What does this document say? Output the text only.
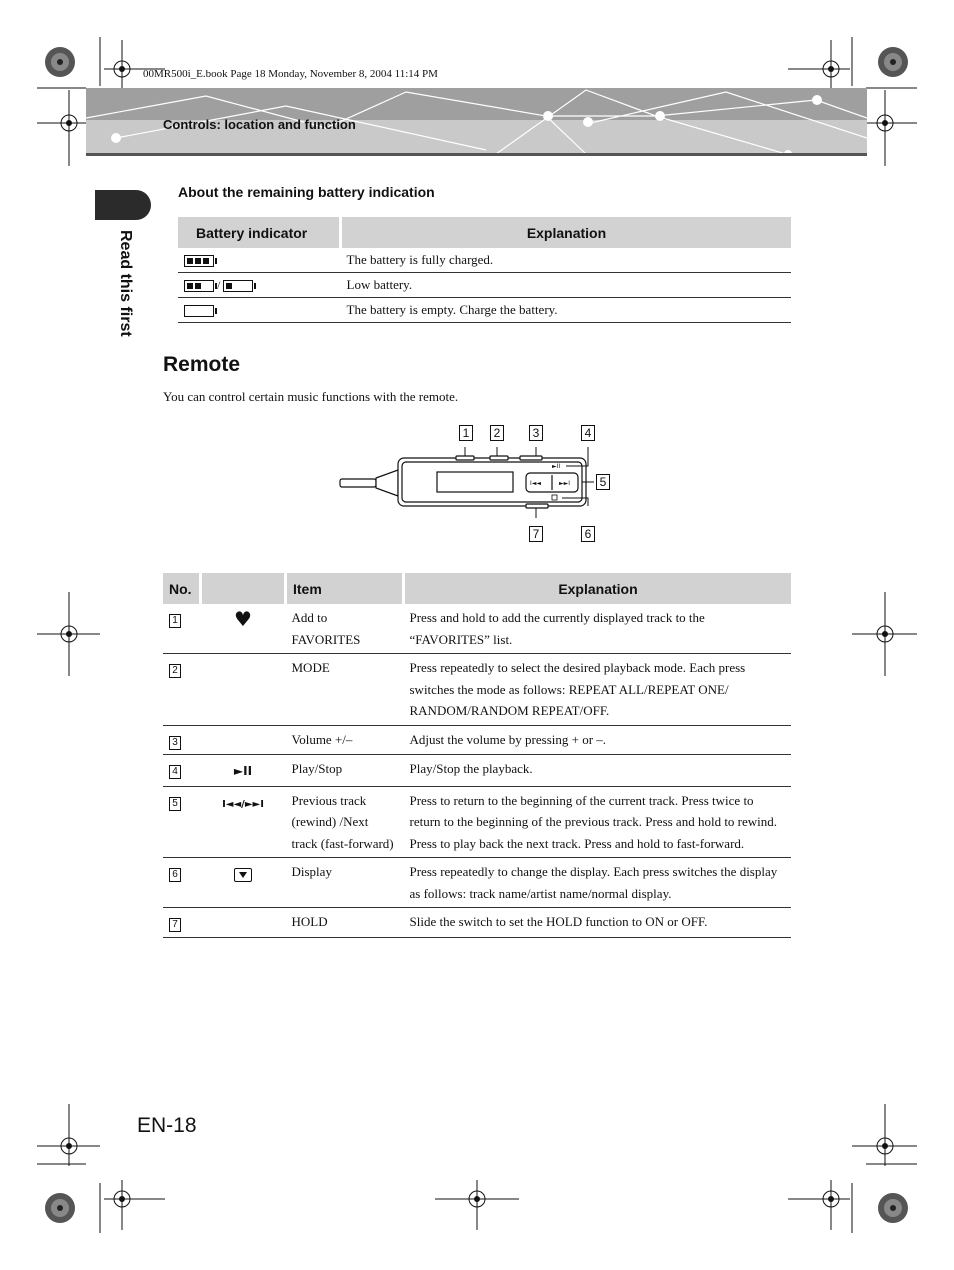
00MR500i_E.book Page 18 Monday, November 8, 2004 11:14 PM
Controls: location and function
Read this first
About the remaining battery indication
Battery indicator	Explanation

	The battery is fully charged.

/	Low battery.
	The battery is empty. Charge the battery.
Remote
You can control certain music functions with the remote.
I◄◄	►►I
►II
1	2	3	4
5
6
7
No.		Item	Explanation
1	♥	Add to FAVORITES	Press and hold to add the currently displayed track to the “FAVORITES” list.
2		MODE	Press repeatedly to select the desired playback mode. Each press switches the mode as follows: REPEAT ALL/REPEAT ONE/ RANDOM/RANDOM REPEAT/OFF.
3		Volume +/–	Adjust the volume by pressing + or –.
4	►II	Play/Stop	Play/Stop the playback.
5	I◄◄/►►I	Previous track (rewind) /Next track (fast-forward)	Press to return to the beginning of the current track. Press twice to return to the beginning of the previous track. Press and hold to rewind. Press to play back the next track. Press and hold to fast-forward.
6		Display	Press repeatedly to change the display. Each press switches the display as follows: track name/artist name/normal display.
7		HOLD	Slide the switch to set the HOLD function to ON or OFF.
EN-18
